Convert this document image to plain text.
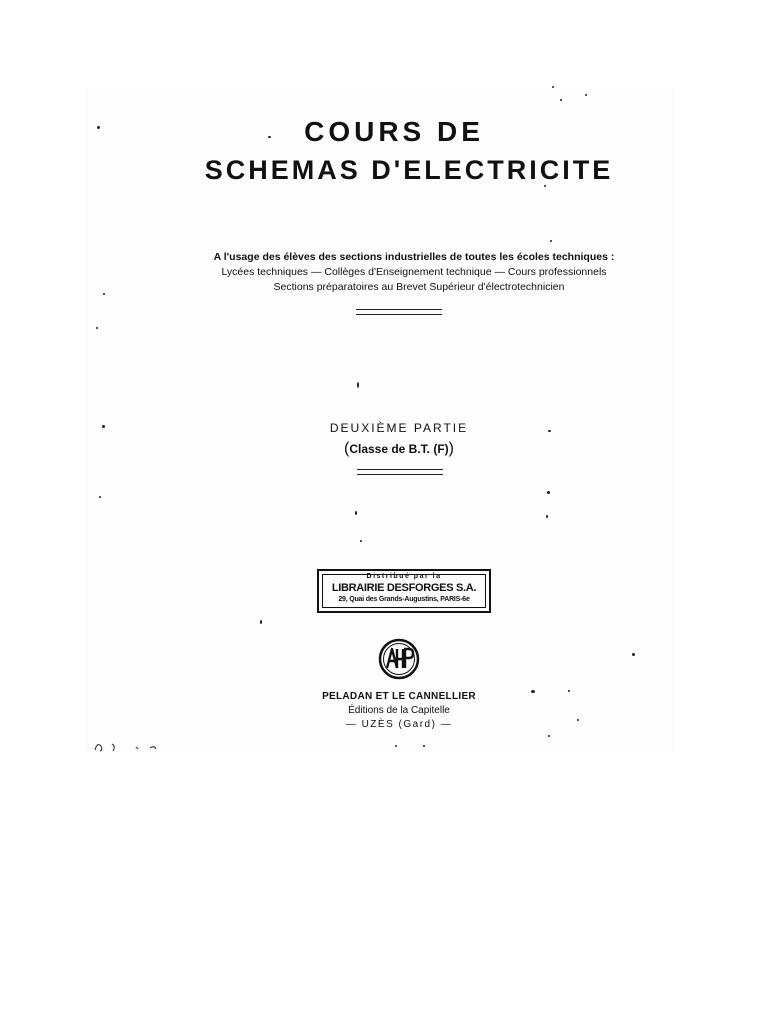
COURS DE
SCHEMAS D'ELECTRICITE
A l'usage des élèves des sections industrielles de toutes les écoles techniques :
Lycées techniques — Collèges d'Enseignement technique — Cours professionnels
Sections préparatoires au Brevet Supérieur d'électrotechnicien
DEUXIÈME PARTIE
(Classe de B.T. (F))
Distribué par la
LIBRAIRIE DESFORGES S.A.
29, Quai des Grands-Augustins, PARIS-6e
PELADAN ET LE CANNELLIER
Éditions de la Capitelle
— UZÈS (Gard) —
